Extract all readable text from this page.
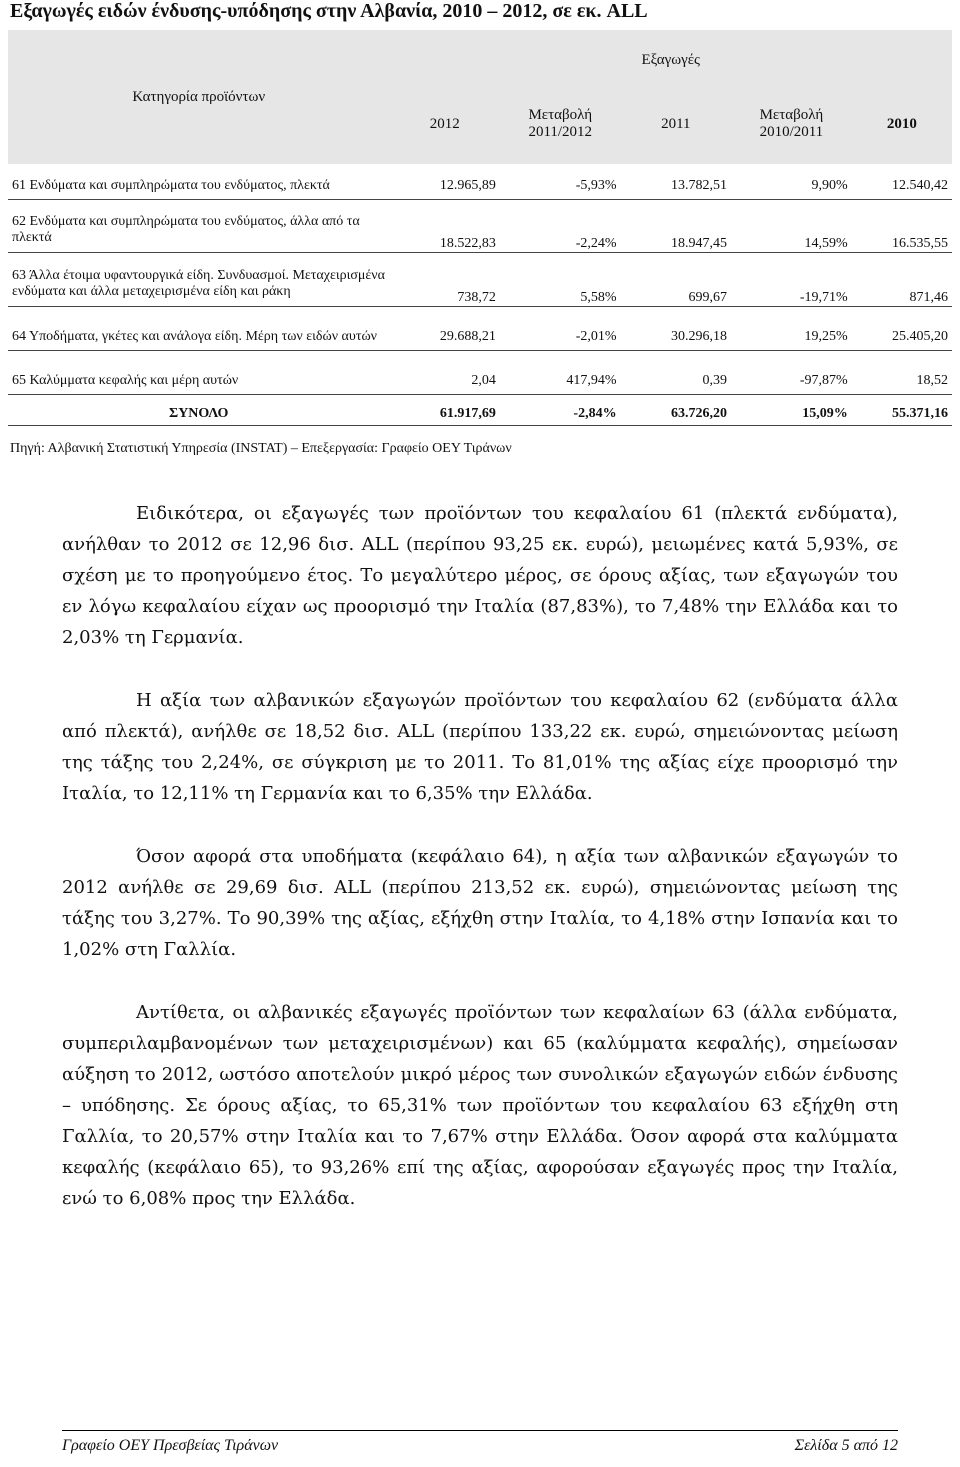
Εξαγωγές ειδών ένδυσης-υπόδησης στην Αλβανία, 2010 – 2012, σε εκ. ALL
Κατηγορία προϊόντων	Εξαγωγές				
	2012	Μεταβολή 2011/2012	2011	Μεταβολή 2010/2011	2010

61 Ενδύματα και συμπληρώματα του ενδύματος, πλεκτά	12.965,89	-5,93%	13.782,51	9,90%	12.540,42

62 Ενδύματα και συμπληρώματα του ενδύματος, άλλα από τα πλεκτά	18.522,83	-2,24%	18.947,45	14,59%	16.535,55

63 Άλλα έτοιμα υφαντουργικά είδη. Συνδυασμοί. Μεταχειρισμένα ενδύματα και άλλα μεταχειρισμένα είδη και ράκη	738,72	5,58%	699,67	-19,71%	871,46

64 Υποδήματα, γκέτες και ανάλογα είδη. Μέρη των ειδών αυτών	29.688,21	-2,01%	30.296,18	19,25%	25.405,20

65 Καλύμματα κεφαλής και μέρη αυτών	2,04	417,94%	0,39	-97,87%	18,52

ΣΥΝΟΛΟ	61.917,69	-2,84%	63.726,20	15,09%	55.371,16
Πηγή: Αλβανική Στατιστική Υπηρεσία (INSTAT) – Επεξεργασία: Γραφείο ΟΕΥ Τιράνων

Ειδικότερα, οι εξαγωγές των προϊόντων του κεφαλαίου 61 (πλεκτά ενδύματα), ανήλθαν το 2012 σε 12,96 δισ. ALL (περίπου 93,25 εκ. ευρώ), μειωμένες κατά 5,93%, σε σχέση με το προηγούμενο έτος. Το μεγαλύτερο μέρος, σε όρους αξίας, των εξαγωγών του εν λόγω κεφαλαίου είχαν ως προορισμό την Ιταλία (87,83%), το 7,48% την Ελλάδα και το 2,03% τη Γερμανία.

Η αξία των αλβανικών εξαγωγών προϊόντων του κεφαλαίου 62 (ενδύματα άλλα από πλεκτά), ανήλθε σε 18,52 δισ. ALL (περίπου 133,22 εκ. ευρώ, σημειώνοντας μείωση της τάξης του 2,24%, σε σύγκριση με το 2011. Το 81,01% της αξίας είχε προορισμό την Ιταλία, το 12,11% τη Γερμανία και το 6,35% την Ελλάδα.

Όσον αφορά στα υποδήματα (κεφάλαιο 64), η αξία των αλβανικών εξαγωγών το 2012 ανήλθε σε 29,69 δισ. ALL (περίπου 213,52 εκ. ευρώ), σημειώνοντας μείωση της τάξης του 3,27%. Το 90,39% της αξίας, εξήχθη στην Ιταλία, το 4,18% στην Ισπανία και το 1,02% στη Γαλλία.

Αντίθετα, οι αλβανικές εξαγωγές προϊόντων των κεφαλαίων 63 (άλλα ενδύματα, συμπεριλαμβανομένων των μεταχειρισμένων) και 65 (καλύμματα κεφαλής), σημείωσαν αύξηση το 2012, ωστόσο αποτελούν μικρό μέρος των συνολικών εξαγωγών ειδών ένδυσης – υπόδησης. Σε όρους αξίας, το 65,31% των προϊόντων του κεφαλαίου 63 εξήχθη στη Γαλλία, το 20,57% στην Ιταλία και το 7,67% στην Ελλάδα. Όσον αφορά στα καλύμματα κεφαλής (κεφάλαιο 65), το 93,26% επί της αξίας, αφορούσαν εξαγωγές προς την Ιταλία, ενώ το 6,08% προς την Ελλάδα.

Γραφείο ΟΕΥ Πρεσβείας Τιράνων	Σελίδα 5 από 12
